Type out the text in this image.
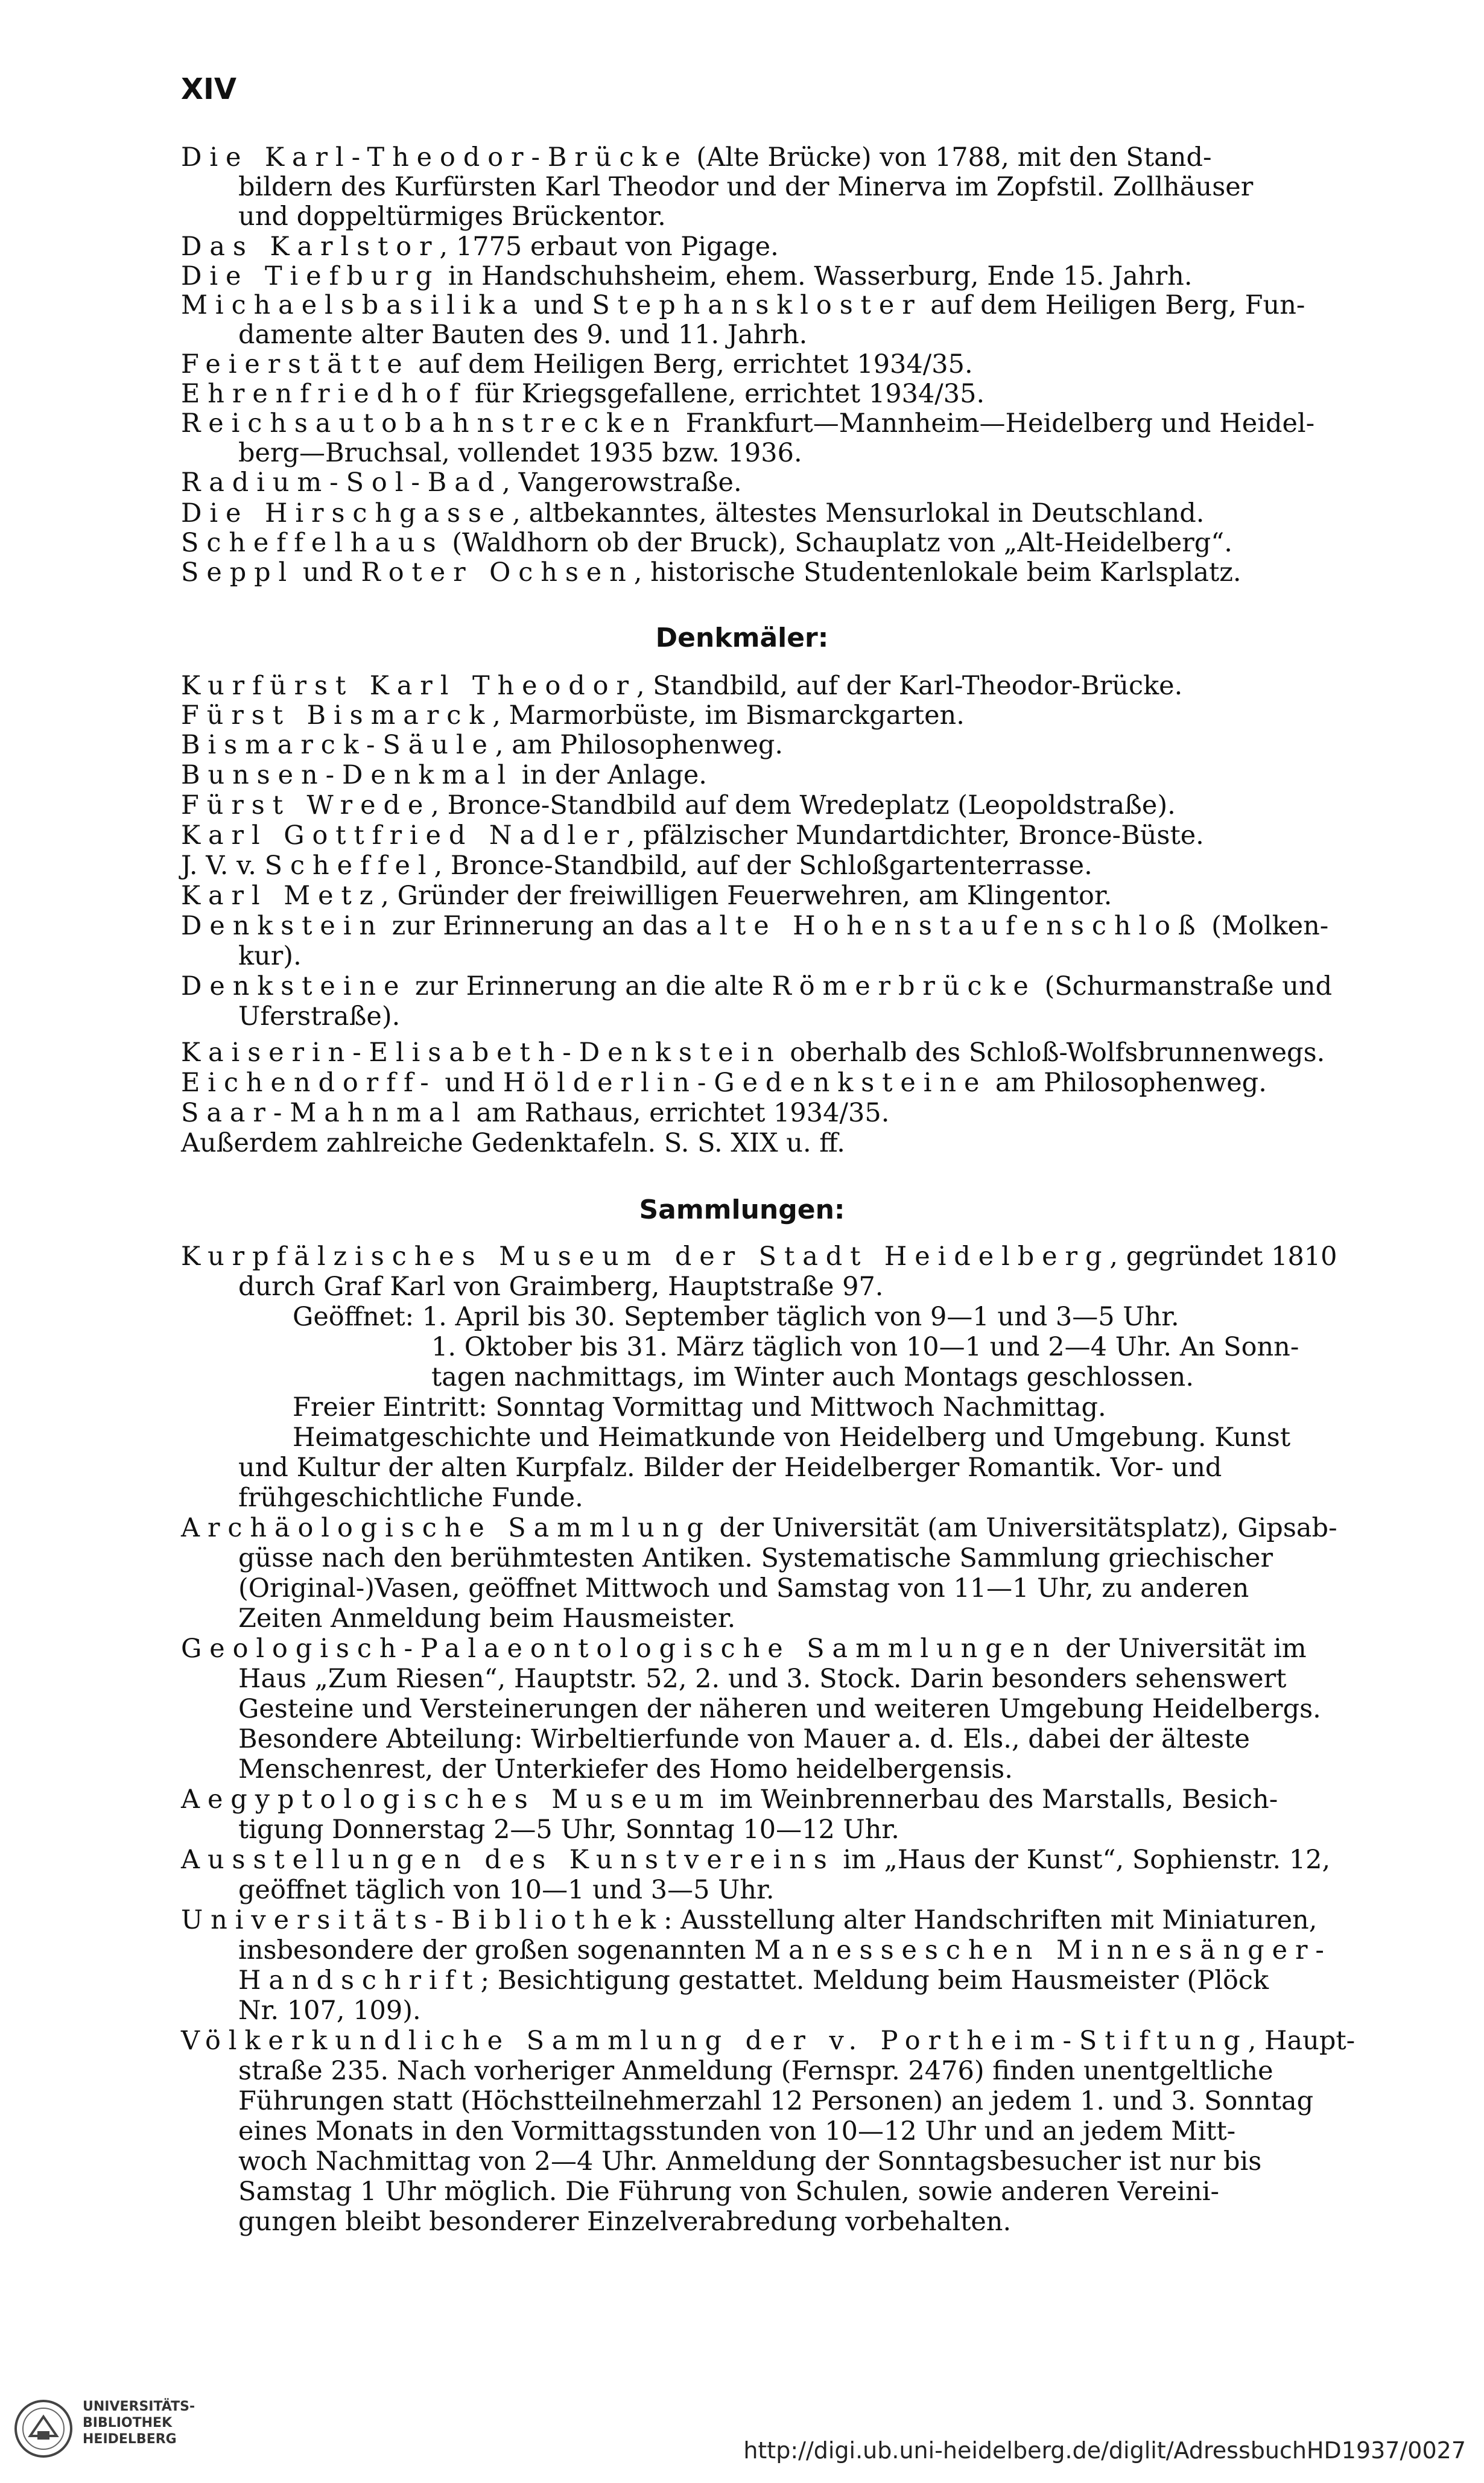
XIV
Die Karl-Theodor-Brücke (Alte Brücke) von 1788, mit den Stand-
bildern des Kurfürsten Karl Theodor und der Minerva im Zopfstil. Zollhäuser
und doppeltürmiges Brückentor.
Das Karlstor, 1775 erbaut von Pigage.
Die Tiefburg in Handschuhsheim, ehem. Wasserburg, Ende 15. Jahrh.
Michaelsbasilika und Stephanskloster auf dem Heiligen Berg, Fun-
damente alter Bauten des 9. und 11. Jahrh.
Feierstätte auf dem Heiligen Berg, errichtet 1934/35.
Ehrenfriedhof für Kriegsgefallene, errichtet 1934/35.
Reichsautobahnstrecken Frankfurt—Mannheim—Heidelberg und Heidel-
berg—Bruchsal, vollendet 1935 bzw. 1936.
Radium-Sol-Bad, Vangerowstraße.
Die Hirschgasse, altbekanntes, ältestes Mensurlokal in Deutschland.
Scheffelhaus (Waldhorn ob der Bruck), Schauplatz von „Alt-Heidelberg“.
Seppl und Roter Ochsen, historische Studentenlokale beim Karlsplatz.
Denkmäler:
Kurfürst Karl Theodor, Standbild, auf der Karl-Theodor-Brücke.
Fürst Bismarck, Marmorbüste, im Bismarckgarten.
Bismarck-Säule, am Philosophenweg.
Bunsen-Denkmal in der Anlage.
Fürst Wrede, Bronce-Standbild auf dem Wredeplatz (Leopoldstraße).
Karl Gottfried Nadler, pfälzischer Mundartdichter, Bronce-Büste.
J. V. v. Scheffel, Bronce-Standbild, auf der Schloßgartenterrasse.
Karl Metz, Gründer der freiwilligen Feuerwehren, am Klingentor.
Denkstein zur Erinnerung an das alte Hohenstaufenschloß (Molken-
kur).
Denksteine zur Erinnerung an die alte Römerbrücke (Schurmanstraße und
Uferstraße).
Kaiserin-Elisabeth-Denkstein oberhalb des Schloß-Wolfsbrunnenwegs.
Eichendorff- und Hölderlin-Gedenksteine am Philosophenweg.
Saar-Mahnmal am Rathaus, errichtet 1934/35.
Außerdem zahlreiche Gedenktafeln. S. S. XIX u. ff.
Sammlungen:
Kurpfälzisches Museum der Stadt Heidelberg, gegründet 1810
durch Graf Karl von Graimberg, Hauptstraße 97.
Geöffnet: 1. April bis 30. September täglich von 9—1 und 3—5 Uhr.
1. Oktober bis 31. März täglich von 10—1 und 2—4 Uhr. An Sonn-
tagen nachmittags, im Winter auch Montags geschlossen.
Freier Eintritt: Sonntag Vormittag und Mittwoch Nachmittag.
Heimatgeschichte und Heimatkunde von Heidelberg und Umgebung. Kunst
und Kultur der alten Kurpfalz. Bilder der Heidelberger Romantik. Vor- und
frühgeschichtliche Funde.
Archäologische Sammlung der Universität (am Universitätsplatz), Gipsab-
güsse nach den berühmtesten Antiken. Systematische Sammlung griechischer
(Original-)Vasen, geöffnet Mittwoch und Samstag von 11—1 Uhr, zu anderen
Zeiten Anmeldung beim Hausmeister.
Geologisch-Palaeontologische Sammlungen der Universität im
Haus „Zum Riesen“, Hauptstr. 52, 2. und 3. Stock. Darin besonders sehenswert
Gesteine und Versteinerungen der näheren und weiteren Umgebung Heidelbergs.
Besondere Abteilung: Wirbeltierfunde von Mauer a. d. Els., dabei der älteste
Menschenrest, der Unterkiefer des Homo heidelbergensis.
Aegyptologisches Museum im Weinbrennerbau des Marstalls, Besich-
tigung Donnerstag 2—5 Uhr, Sonntag 10—12 Uhr.
Ausstellungen des Kunstvereins im „Haus der Kunst“, Sophienstr. 12,
geöffnet täglich von 10—1 und 3—5 Uhr.
Universitäts-Bibliothek: Ausstellung alter Handschriften mit Miniaturen,
insbesondere der großen sogenannten Manesseschen Minnesänger-
Handschrift; Besichtigung gestattet. Meldung beim Hausmeister (Plöck
Nr. 107, 109).
Völkerkundliche Sammlung der v. Portheim-Stiftung, Haupt-
straße 235. Nach vorheriger Anmeldung (Fernspr. 2476) finden unentgeltliche
Führungen statt (Höchstteilnehmerzahl 12 Personen) an jedem 1. und 3. Sonntag
eines Monats in den Vormittagsstunden von 10—12 Uhr und an jedem Mitt-
woch Nachmittag von 2—4 Uhr. Anmeldung der Sonntagsbesucher ist nur bis
Samstag 1 Uhr möglich. Die Führung von Schulen, sowie anderen Vereini-
gungen bleibt besonderer Einzelverabredung vorbehalten.
UNIVERSITÄTS-
BIBLIOTHEK
HEIDELBERG	http://digi.ub.uni-heidelberg.de/diglit/AdressbuchHD1937/0027
